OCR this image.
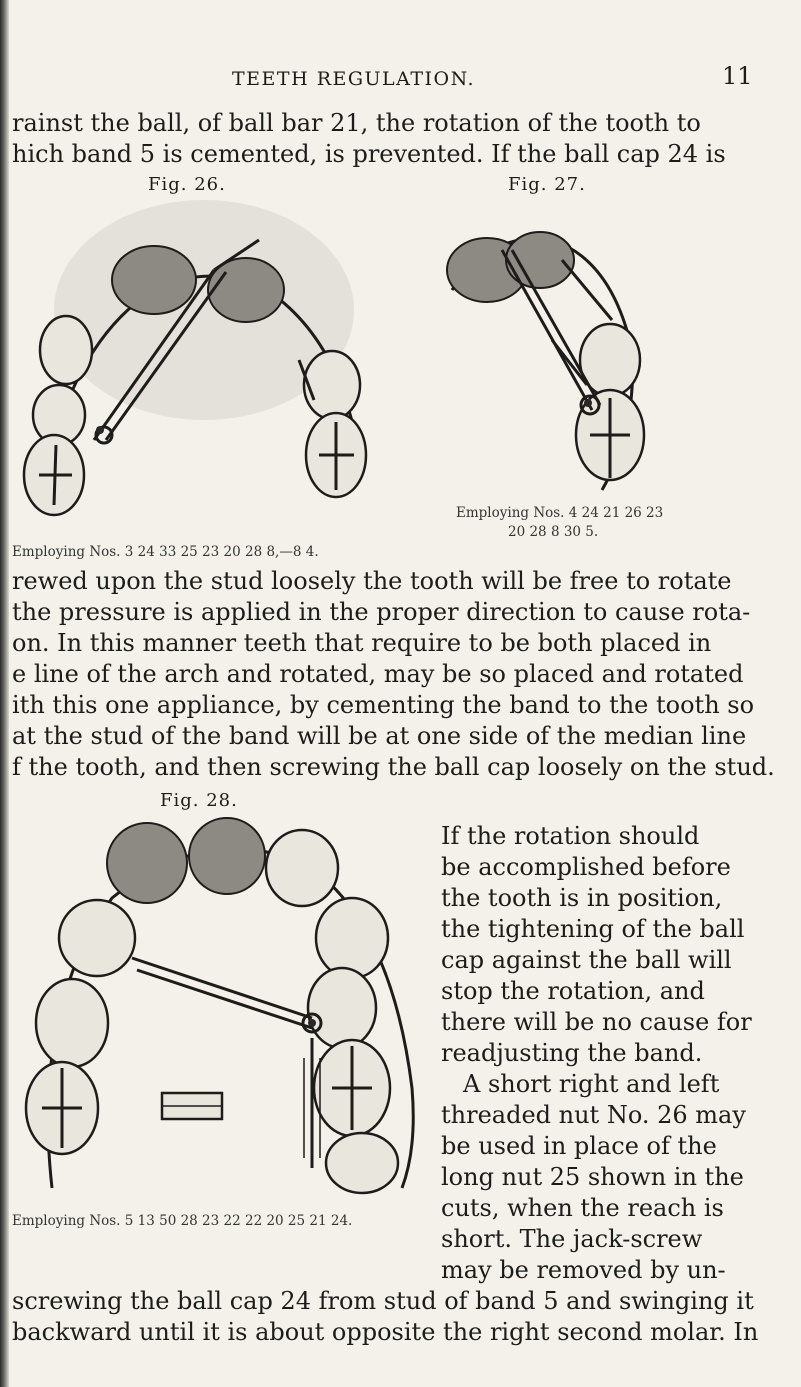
TEETH REGULATION.	11
rainst the ball, of ball bar 21, the rotation of the tooth to
hich band 5 is cemented, is prevented. If the ball cap 24 is
Fig. 26.	Fig. 27.
Employing Nos. 4 24 21 26 23
20 28 8 30 5.
Employing Nos. 3 24 33 25 23 20 28 8,—8 4.
rewed upon the stud loosely the tooth will be free to rotate
the pressure is applied in the proper direction to cause rota-
on. In this manner teeth that require to be both placed in
e line of the arch and rotated, may be so placed and rotated
ith this one appliance, by cementing the band to the tooth so
at the stud of the band will be at one side of the median line
f the tooth, and then screwing the ball cap loosely on the stud.
Fig. 28.
Employing Nos. 5 13 50 28 23 22 22 20 25 21 24.
If the rotation should
be accomplished before
the tooth is in position,
the tightening of the ball
cap against the ball will
stop the rotation, and
there will be no cause for
readjusting the band.
A short right and left
threaded nut No. 26 may
be used in place of the
long nut 25 shown in the
cuts, when the reach is
short. The jack-screw
may be removed by un-
screwing the ball cap 24 from stud of band 5 and swinging it
backward until it is about opposite the right second molar. In
